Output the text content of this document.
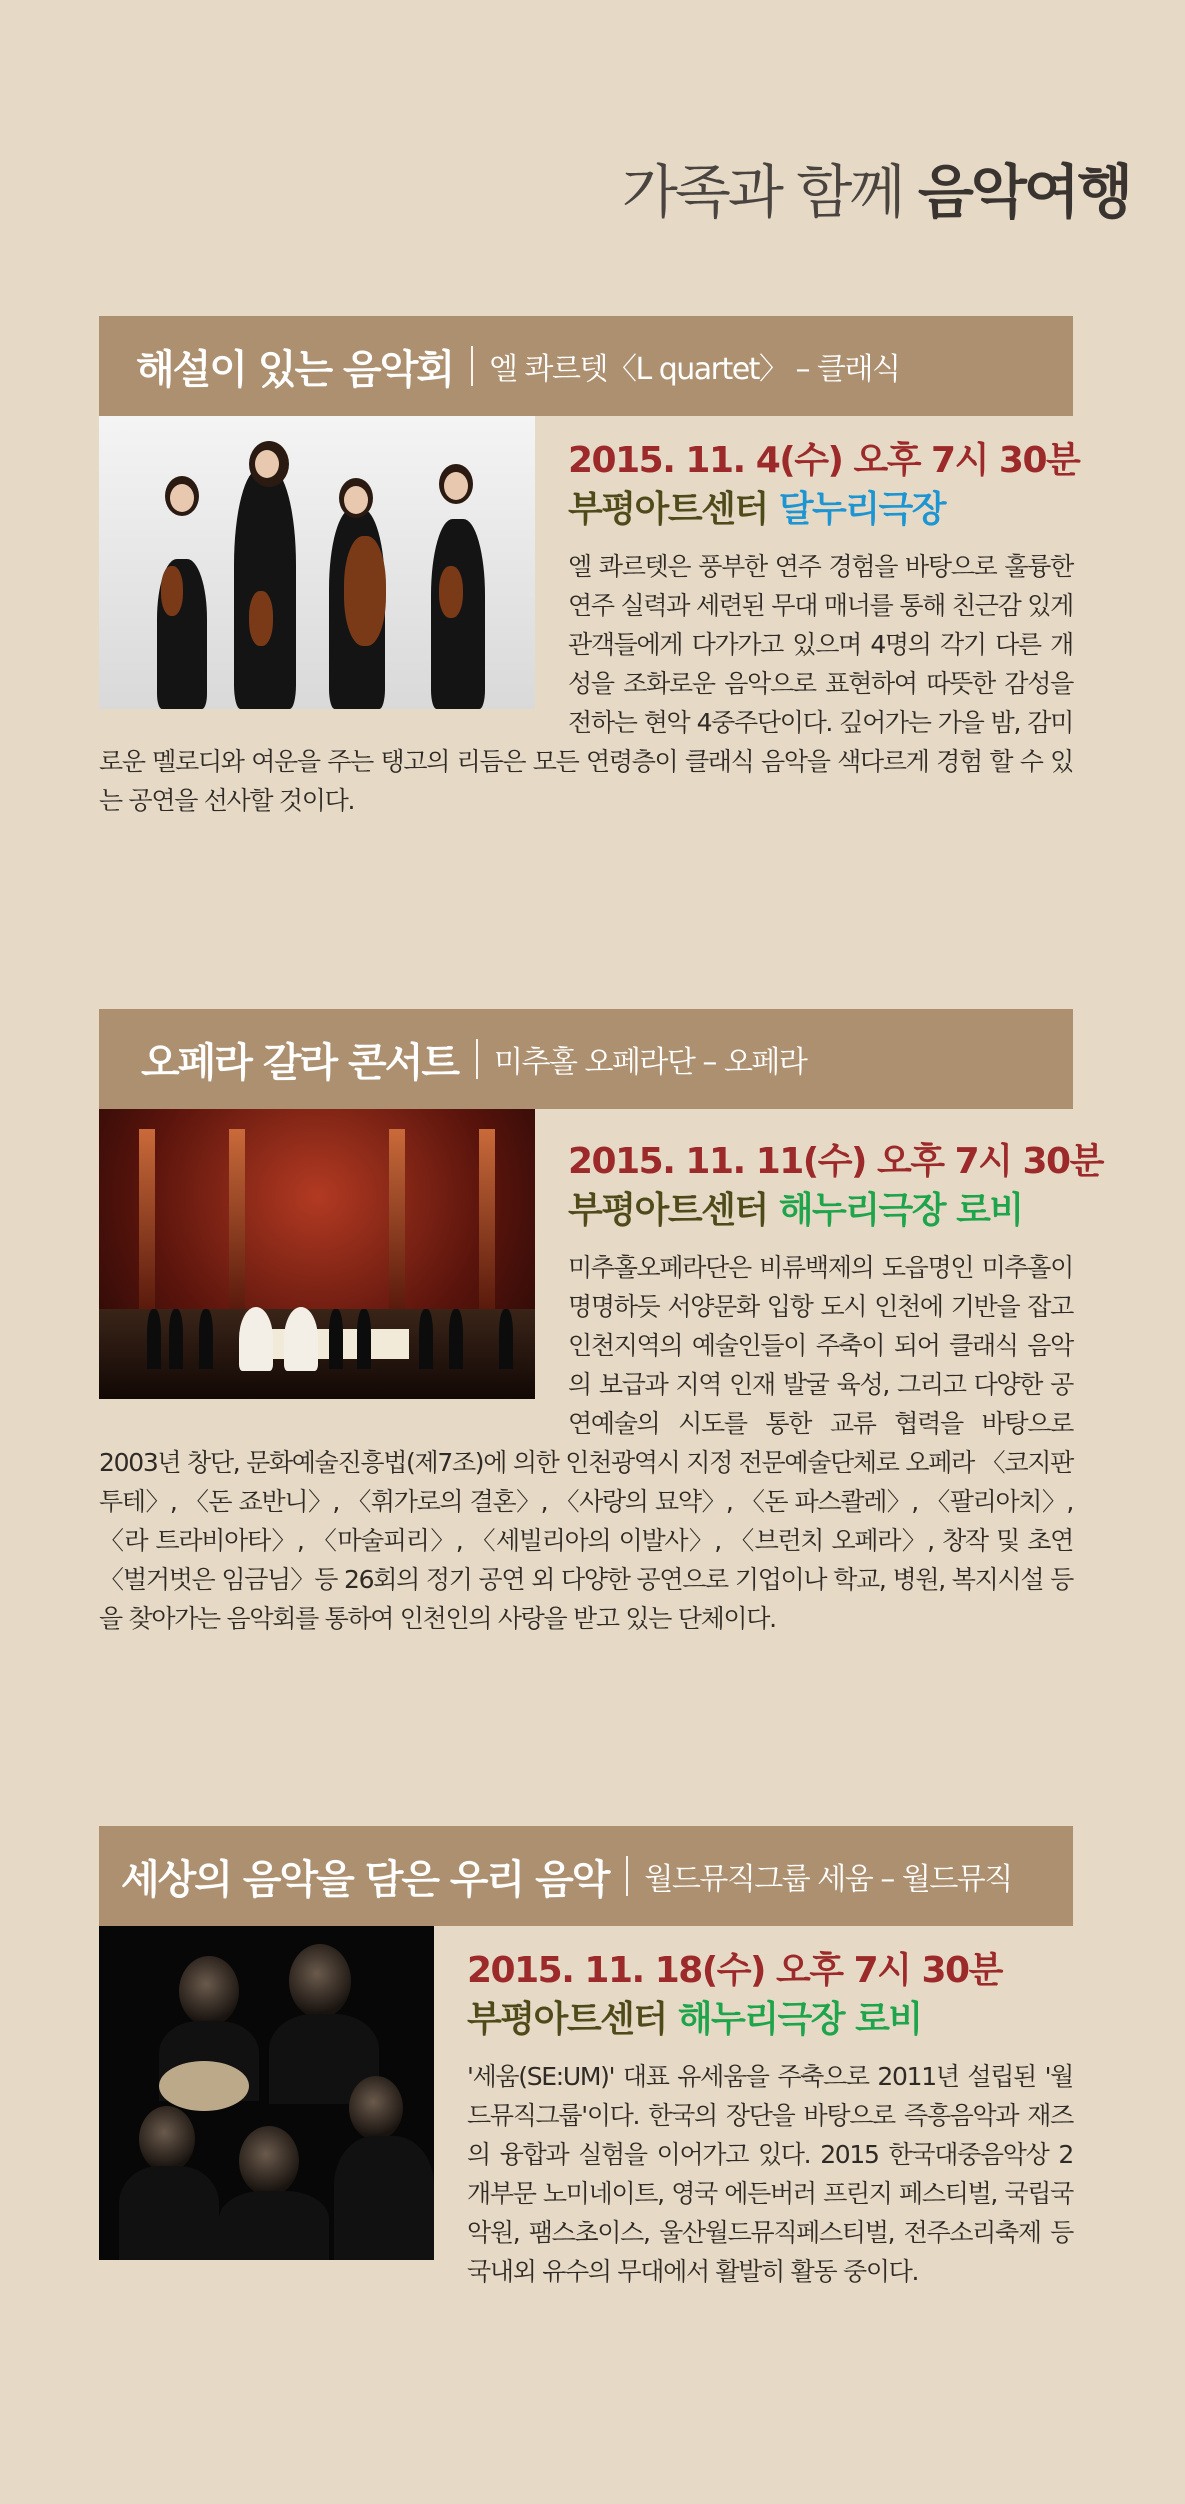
가족과 함께 음악여행
해설이 있는 음악회 엘 콰르텟〈L quartet〉 – 클래식
2015. 11. 4(수) 오후 7시 30분
부평아트센터 달누리극장

엘 콰르텟은 풍부한 연주 경험을 바탕으로 훌륭한 연주 실력과 세련된 무대 매너를 통해 친근감 있게 관객들에게 다가가고 있으며 4명의 각기 다른 개성을 조화로운 음악으로 표현하여 따뜻한 감성을 전하는 현악 4중주단이다. 깊어가는 가을 밤, 감미로운 멜로디와 여운을 주는 탱고의 리듬은 모든 연령층이 클래식 음악을 색다르게 경험 할 수 있는 공연을 선사할 것이다.

오페라 갈라 콘서트 미추홀 오페라단 – 오페라
2015. 11. 11(수) 오후 7시 30분
부평아트센터 해누리극장 로비

미추홀오페라단은 비류백제의 도읍명인 미추홀이 명명하듯 서양문화 입항 도시 인천에 기반을 잡고 인천지역의 예술인들이 주축이 되어 클래식 음악의 보급과 지역 인재 발굴 육성, 그리고 다양한 공연예술의 시도를 통한 교류 협력을 바탕으로 2003년 창단, 문화예술진흥법(제7조)에 의한 인천광역시 지정 전문예술단체로 오페라 〈코지판 투테〉, 〈돈 죠반니〉, 〈휘가로의 결혼〉, 〈사랑의 묘약〉, 〈돈 파스콸레〉, 〈팔리아치〉, 〈라 트라비아타〉, 〈마술피리〉, 〈세빌리아의 이발사〉, 〈브런치 오페라〉, 창작 및 초연 〈벌거벗은 임금님〉등 26회의 정기 공연 외 다양한 공연으로 기업이나 학교, 병원, 복지시설 등을 찾아가는 음악회를 통하여 인천인의 사랑을 받고 있는 단체이다.

세상의 음악을 담은 우리 음악 월드뮤직그룹 세움 – 월드뮤직
2015. 11. 18(수) 오후 7시 30분
부평아트센터 해누리극장 로비

'세움(SE:UM)' 대표 유세움을 주축으로 2011년 설립된 '월드뮤직그룹'이다. 한국의 장단을 바탕으로 즉흥음악과 재즈의 융합과 실험을 이어가고 있다. 2015 한국대중음악상 2개부문 노미네이트, 영국 에든버러 프린지 페스티벌, 국립국악원, 팸스초이스, 울산월드뮤직페스티벌, 전주소리축제 등 국내외 유수의 무대에서 활발히 활동 중이다.
